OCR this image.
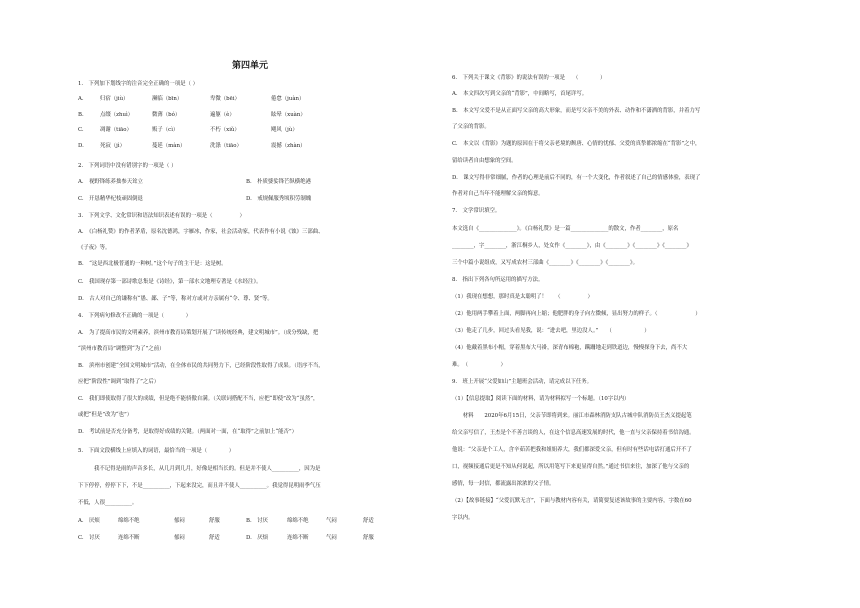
第四单元
1.　下列加下划线字的注音完全正确的一项是（ ）
A.	归宿（jiù）	濒临（bīn）	卑微（bēi）	倦怠（juàn）
B.	点缀（zhuì）	微薄（bó）	遍躯（è）	眩晕（xuàn）
C.	凋谢（tiāo）	贩子（cì）	不朽（xiǔ）	飓风（jù）
D.	死寂（jì）	蔓延（màn）	洗涤（tiāo）	震撼（zhàn）
2.　下列词语中没有错别字的一项是（ ）
A.　视野锋练养拙参天耸立	B.　朴质婆娑锋芒纵横绝港
C.　开恳精华杞枝顽固倒退	D.　戒规佩服秀顷积劳制魄
3.　下列文学、文化常识和语法知识表述有误的一项是（　　　　　）
A.　《白杨礼赞》的作者茅盾，原名沈德鸿，字雁冰，作家，社会活动家，代表作有小说《蚀》三部曲、
《子夜》等。
B.　“这是西北极普通的一种树。”这个句子的主干是：这是树。
C.　我国现存第一部诗歌总集是《诗经》，第一部水文地理专著是《水经注》。
D.　古人对自己的谦称有“愚、鄙、子”等，称对方或对方亲属有“令、尊、贤”等。
4.　下列病句修改不正确的一项是（　　　　）
A.　为了提高市民的文明素养，滨州市教育局策划开展了“读传统经典，建文明城市”。（成分残缺，把
“滨州市教育局”调整到“为了”之前）
B.　滨州市创建“全国文明城市”活动，在全体市民的共同努力下，已经阶段性取得了成果。（语序不当，
应把“阶段性”调到“取得了”之后）
C.　我们即使取得了很大的成绩，但是绝不能骄傲自满。（关联词搭配不当，应把“即使”改为“虽然”，
或把“但是”改为“也”）
D.　考试前是否充分备考，是取得好成绩的关键。（两面对一面，在“取得”之前加上“能否”）
5.　下面文段横线上应填入的词语，最恰当的一项是（　　　　）
我不记得是雨的声音多长，从几月到几月，好像是相当长的。但是并不使人__________，因为是
下下停停，停停下下，不是__________，下起来没完，而且并不使人__________。我觉得昆明雨季气压
不低，人很__________。
A.　厌烦	绵绵不绝	郁闷	舒服	B.　讨厌	绵绵不绝	气闷	舒适
C.　讨厌	连绵不断	郁闷	舒适	D.　厌烦	连绵不断	气闷	舒服
6.　下列关于课文《背影》的说法有误的一项是　　（　　　　）
A.　本文四次写到父亲的“背影”，中间略写，首尾详写。
B.　本文写父爱不是从正面写父亲的高大形象，而是写父亲不美的外表、动作和不潇洒的背影，并着力写
了父亲的背影。
C.　本文以《背影》为题的原因在于将父亲老境的颓唐、心情的忧郁、父爱的真挚都浓缩在“背影”之中，
留给读者自由想象的空间。
D.　课文写得非常细腻，作者的心理是前后不同的，有一个大变化，作者叙述了自己的情感体验，表现了
作者对自己当年不能理解父亲的悔意。
7.　文学常识填空。
本文选自《______________》。《白杨礼赞》是一篇______________的散文，作者________，原名
________，字________，浙江桐乡人，处女作《________》，由《________》《________》《________》
三个中篇小说组成，又写成农村三部曲《________》《________》《________》。
8.　指出下列各句所运用的描写方法。
（1）我现在想想，那时真是太聪明了！　　（　　　　　）
（2）他用两手攀着上面，两脚再向上缩；他肥胖的身子向左微倾，显出努力的样子。（　　　　　　　）
（3）他走了几步，回过头看见我，说：“进去吧，里边没人。”　　（　　　　　　）
（4）他戴着黑布小帽，穿着黑布大马褂，深青布棉袍，蹒跚地走到铁道边，慢慢探身下去，尚不大
难。　（　　　　　　）
9.　班上开展“父爱如山”主题班会活动，请完成以下任务。
（1）【信息提取】阅读下面的材料，请为材料拟写一个标题。（10字以内）
　　材料　　2020年6月15日，父亲节即将到来。丽江市森林消防支队古城中队消防员王杰义提起笔
给父亲写信了，王杰是个不善言谈的人，在这个信息高速发展的时代，他一直与父亲保持着书信沟通。
他说：“父亲是个工人，含辛茹苦把我和姐姐养大，我们都深爱父亲，但有时有些话电话打通后开不了
口，视频接通后更是不知从何说起，所以用笔写下来更显得自然。”通过书信来往，加深了他与父亲的
感情，每一封信，都流露出浓浓的父子情。
（2）【故事链接】“父爱沉默无言”，下面与教材内容有关，请简要复述该故事的主要内容，字数在60
字以内。
